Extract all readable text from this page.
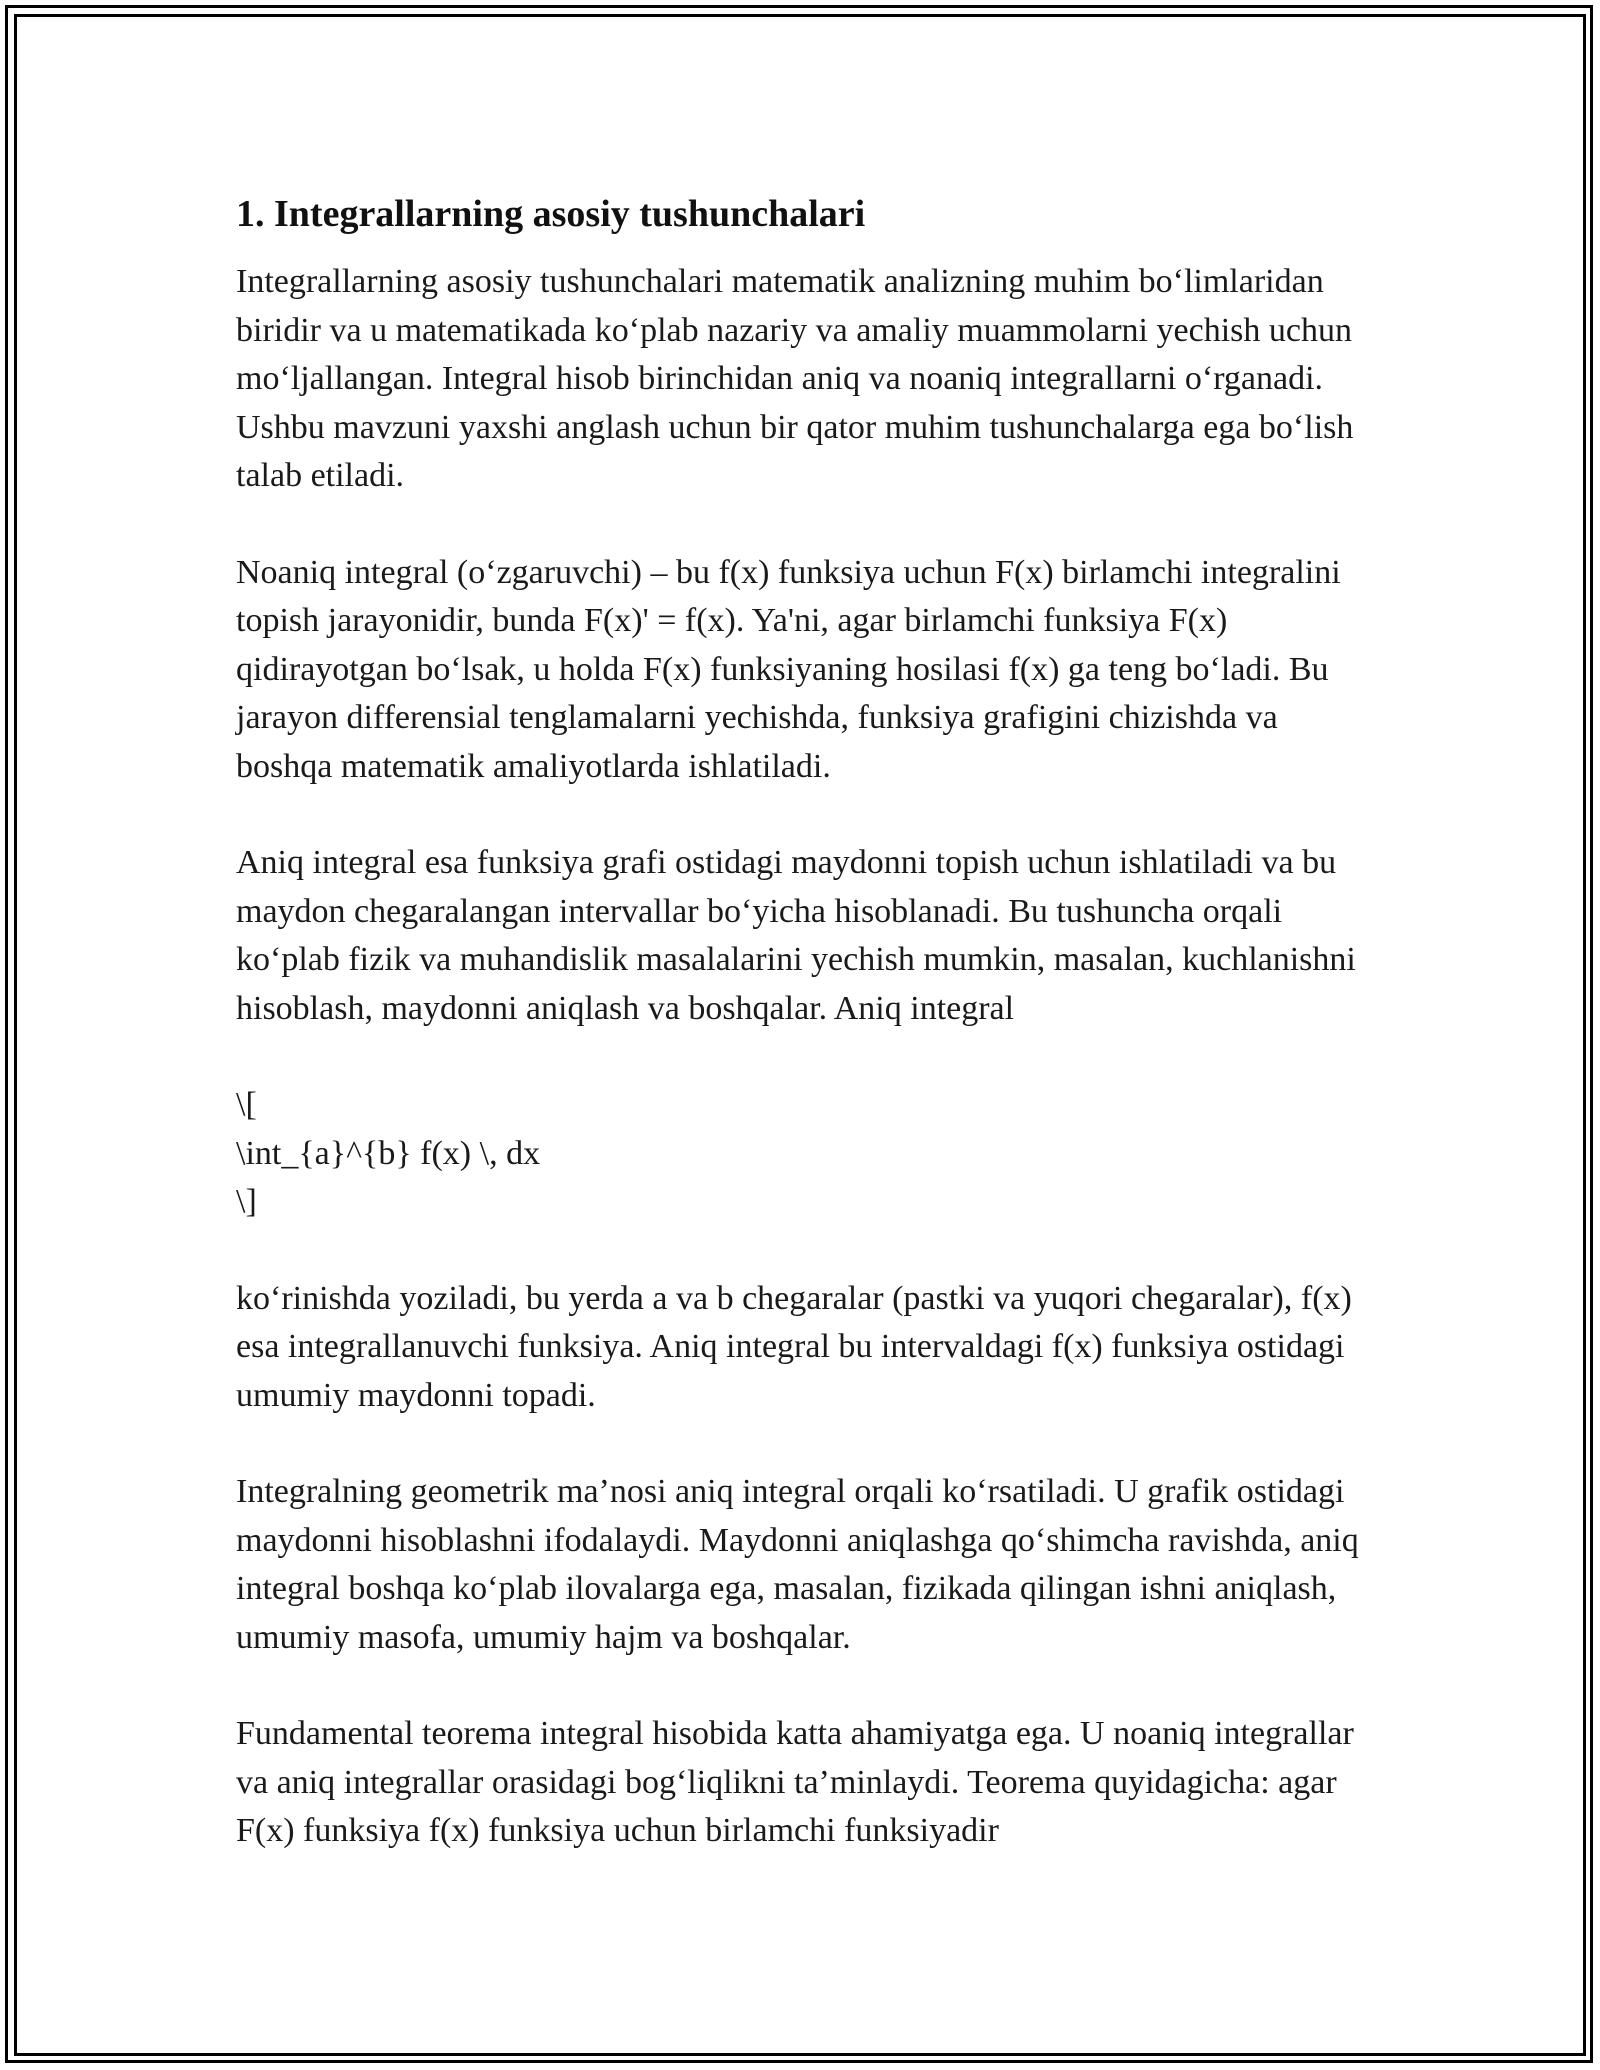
1. Integrallarning asosiy tushunchalari

Integrallarning asosiy tushunchalari matematik analizning muhim bo‘limlaridan biridir va u matematikada ko‘plab nazariy va amaliy muammolarni yechish uchun mo‘ljallangan. Integral hisob birinchidan aniq va noaniq integrallarni o‘rganadi. Ushbu mavzuni yaxshi anglash uchun bir qator muhim tushunchalarga ega bo‘lish talab etiladi.

Noaniq integral (o‘zgaruvchi) – bu f(x) funksiya uchun F(x) birlamchi integralini topish jarayonidir, bunda F(x)' = f(x). Ya'ni, agar birlamchi funksiya F(x) qidirayotgan bo‘lsak, u holda F(x) funksiyaning hosilasi f(x) ga teng bo‘ladi. Bu jarayon differensial tenglamalarni yechishda, funksiya grafigini chizishda va boshqa matematik amaliyotlarda ishlatiladi.

Aniq integral esa funksiya grafi ostidagi maydonni topish uchun ishlatiladi va bu maydon chegaralangan intervallar bo‘yicha hisoblanadi. Bu tushuncha orqali ko‘plab fizik va muhandislik masalalarini yechish mumkin, masalan, kuchlanishni hisoblash, maydonni aniqlash va boshqalar. Aniq integral

\[
\int_{a}^{b} f(x) \, dx
\]

ko‘rinishda yoziladi, bu yerda a va b chegaralar (pastki va yuqori chegaralar), f(x) esa integrallanuvchi funksiya. Aniq integral bu intervaldagi f(x) funksiya ostidagi umumiy maydonni topadi.

Integralning geometrik ma’nosi aniq integral orqali ko‘rsatiladi. U grafik ostidagi maydonni hisoblashni ifodalaydi. Maydonni aniqlashga qo‘shimcha ravishda, aniq integral boshqa ko‘plab ilovalarga ega, masalan, fizikada qilingan ishni aniqlash, umumiy masofa, umumiy hajm va boshqalar.

Fundamental teorema integral hisobida katta ahamiyatga ega. U noaniq integrallar va aniq integrallar orasidagi bog‘liqlikni ta’minlaydi. Teorema quyidagicha: agar F(x) funksiya f(x) funksiya uchun birlamchi funksiyadir
